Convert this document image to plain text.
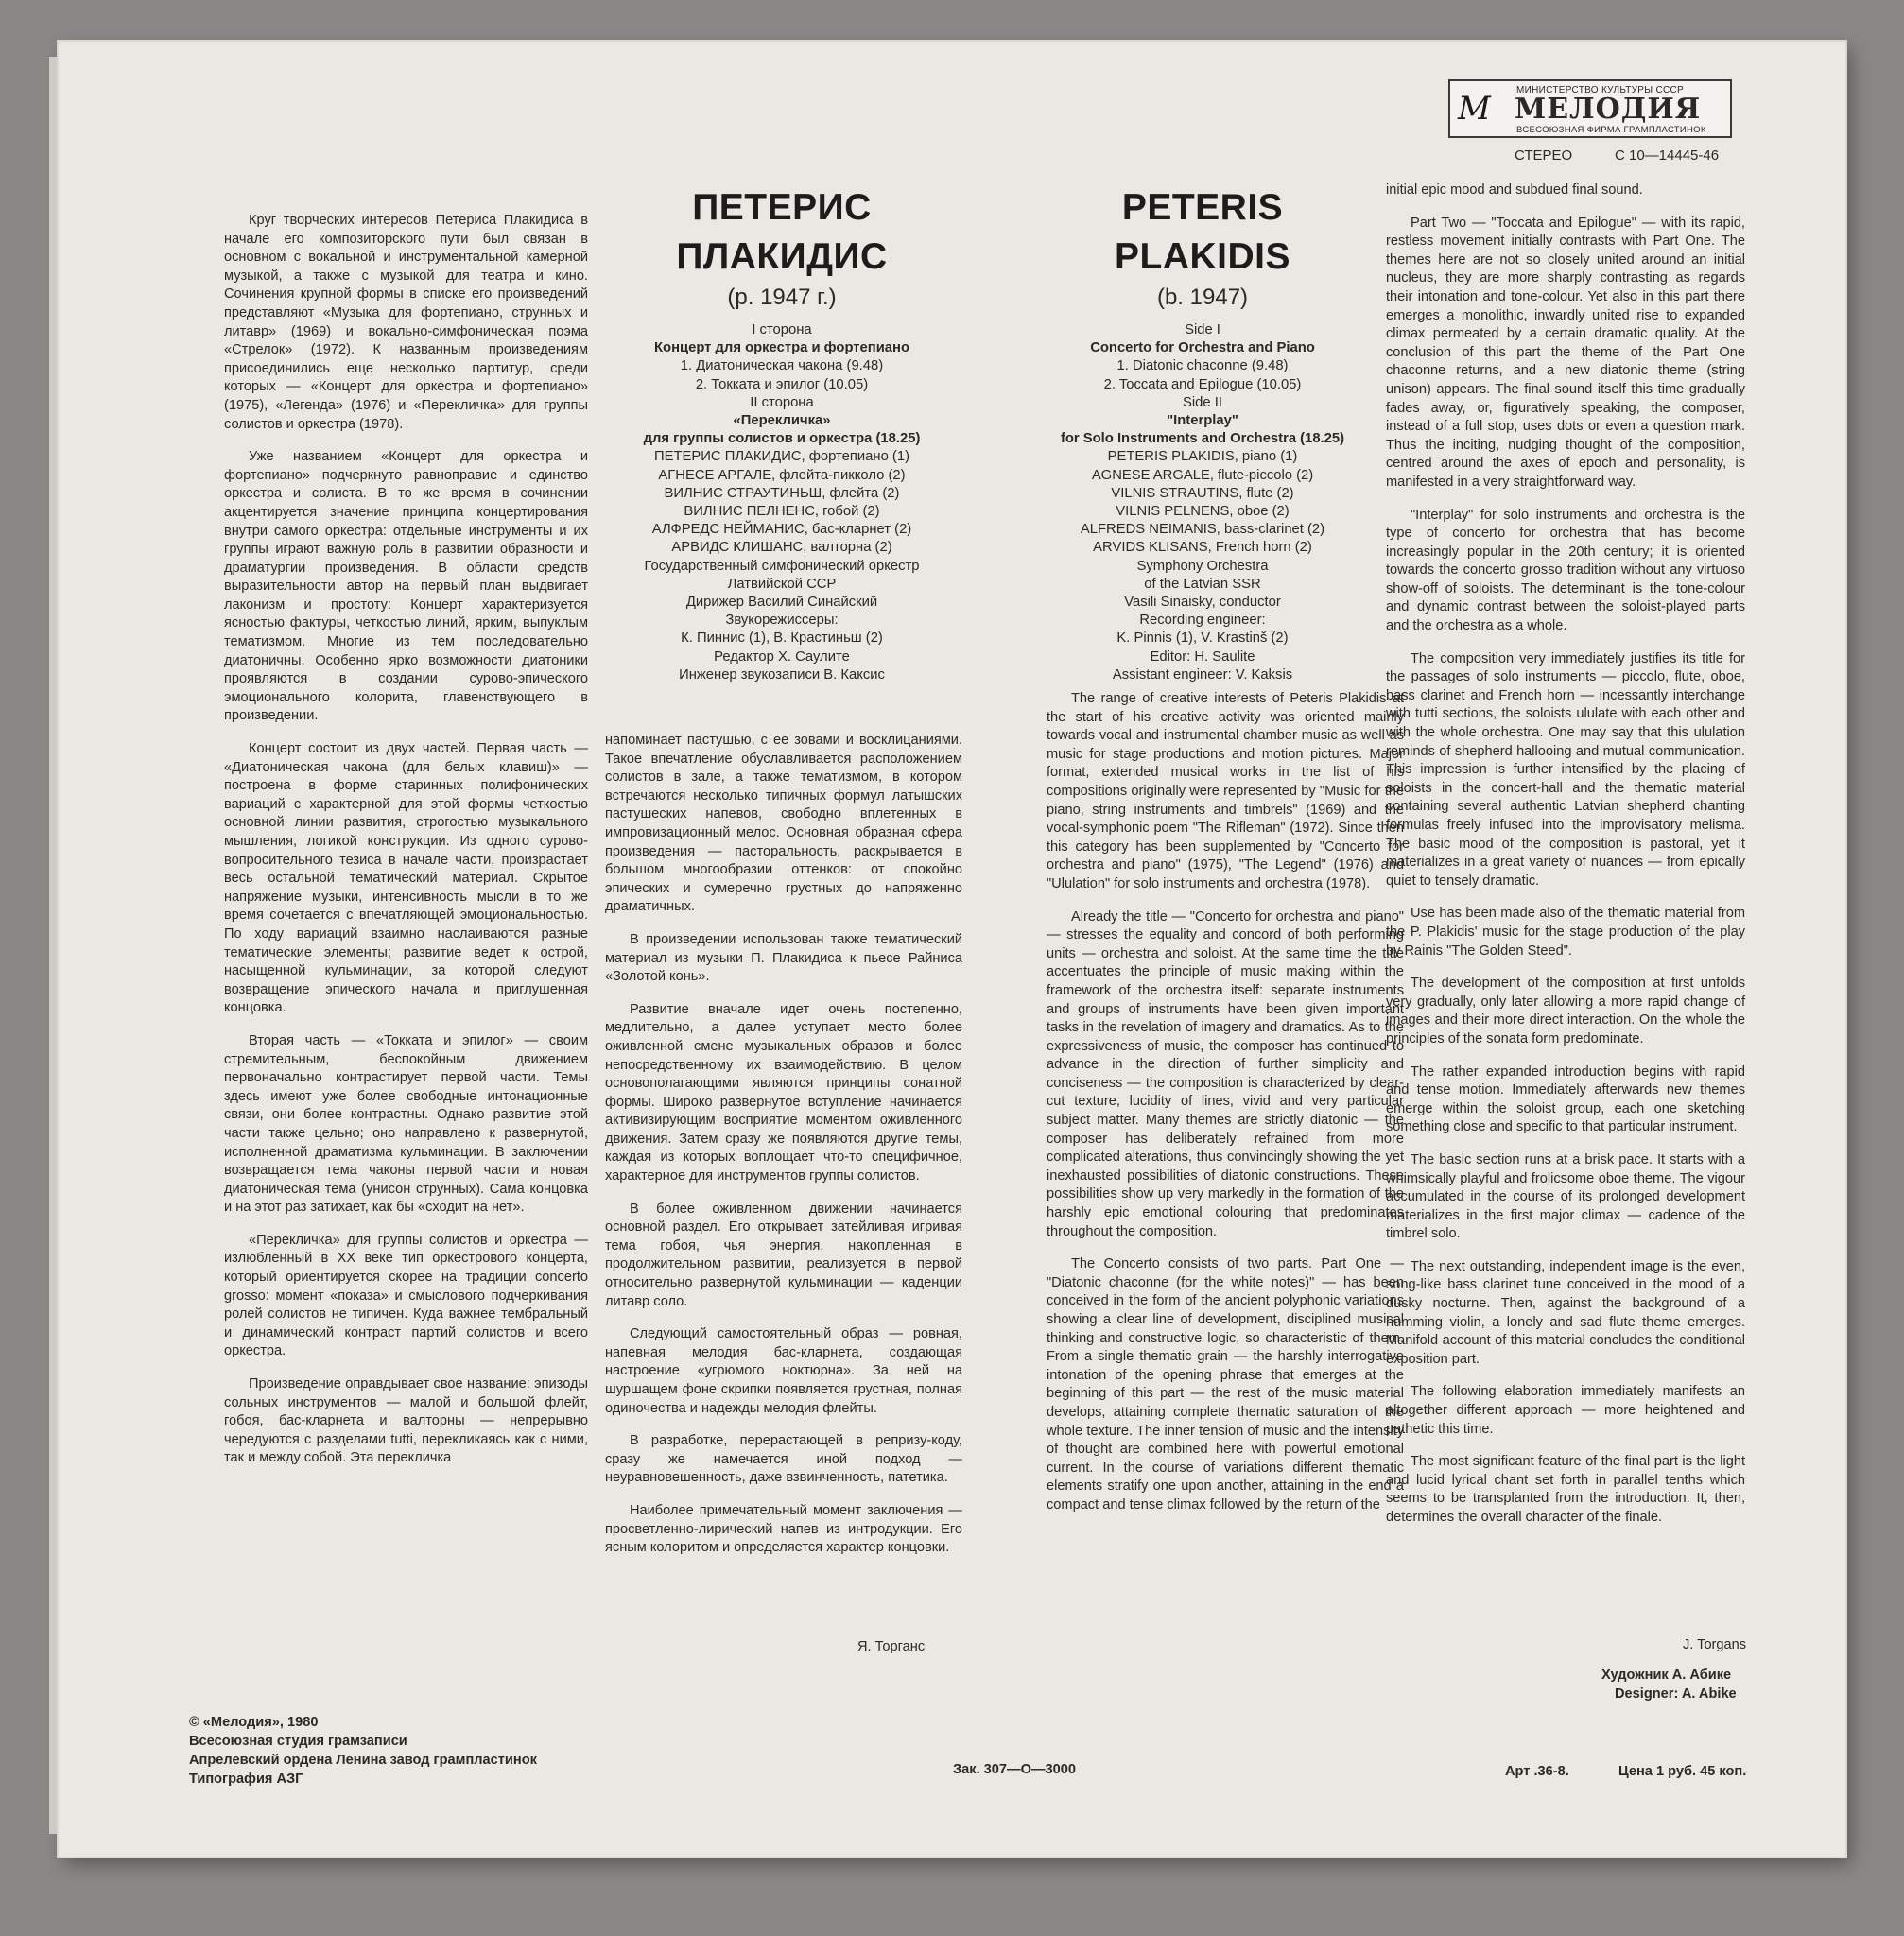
М	МИНИСТЕРСТВО КУЛЬТУРЫ СССР
МЕЛОДИЯ
ВСЕСОЮЗНАЯ ФИРМА ГРАМПЛАСТИНОК
СТЕРЕО	С 10—14445-46

Круг творческих интересов Петериса Плакидиса в начале его композиторского пути был связан в основном с вокальной и инструментальной камерной музыкой, а также с музыкой для театра и кино. Сочинения крупной формы в списке его произведений представляют «Музыка для фортепиано, струнных и литавр» (1969) и вокально-симфоническая поэма «Стрелок» (1972). К названным произведениям присоединились еще несколько партитур, среди которых — «Концерт для оркестра и фортепиано» (1975), «Легенда» (1976) и «Перекличка» для группы солистов и оркестра (1978).

Уже названием «Концерт для оркестра и фортепиано» подчеркнуто равноправие и единство оркестра и солиста. В то же время в сочинении акцентируется значение принципа концертирования внутри самого оркестра: отдельные инструменты и их группы играют важную роль в развитии образности и драматургии произведения. В области средств выразительности автор на первый план выдвигает лаконизм и простоту: Концерт характеризуется ясностью фактуры, четкостью линий, ярким, выпуклым тематизмом. Многие из тем последовательно диатоничны. Особенно ярко возможности диатоники проявляются в создании сурово-эпического эмоционального колорита, главенствующего в произведении.

Концерт состоит из двух частей. Первая часть — «Диатоническая чакона (для белых клавиш)» — построена в форме старинных полифонических вариаций с характерной для этой формы четкостью основной линии развития, строгостью музыкального мышления, логикой конструкции. Из одного сурово-вопросительного тезиса в начале части, произрастает весь остальной тематический материал. Скрытое напряжение музыки, интенсивность мысли в то же время сочетается с впечатляющей эмоциональностью. По ходу вариаций взаимно наслаиваются разные тематические элементы; развитие ведет к острой, насыщенной кульминации, за которой следуют возвращение эпического начала и приглушенная концовка.

Вторая часть — «Токката и эпилог» — своим стремительным, беспокойным движением первоначально контрастирует первой части. Темы здесь имеют уже более свободные интонационные связи, они более контрастны. Однако развитие этой части также цельно; оно направлено к развернутой, исполненной драматизма кульминации. В заключении возвращается тема чаконы первой части и новая диатоническая тема (унисон струнных). Сама концовка и на этот раз затихает, как бы «сходит на нет».

«Перекличка» для группы солистов и оркестра — излюбленный в XX веке тип оркестрового концерта, который ориентируется скорее на традиции concerto grosso: момент «показа» и смыслового подчеркивания ролей солистов не типичен. Куда важнее тембральный и динамический контраст партий солистов и всего оркестра.

Произведение оправдывает свое название: эпизоды сольных инструментов — малой и большой флейт, гобоя, бас-кларнета и валторны — непрерывно чередуются с разделами tutti, перекликаясь как с ними, так и между собой. Эта перекличка

ПЕТЕРИС
ПЛАКИДИС
(р. 1947 г.)
I сторона
Концерт для оркестра и фортепиано
1. Диатоническая чакона (9.48)
2. Токката и эпилог (10.05)
II сторона
«Перекличка»
для группы солистов и оркестра (18.25)
ПЕТЕРИС ПЛАКИДИС, фортепиано (1)
АГНЕСЕ АРГАЛЕ, флейта-пикколо (2)
ВИЛНИС СТРАУТИНЬШ, флейта (2)
ВИЛНИС ПЕЛНЕНС, гобой (2)
АЛФРЕДС НЕЙМАНИС, бас-кларнет (2)
АРВИДС КЛИШАНС, валторна (2)
Государственный симфонический оркестр
Латвийской ССР
Дирижер Василий Синайский
Звукорежиссеры:
К. Пиннис (1), В. Крастиньш (2)
Редактор Х. Саулите
Инженер звукозаписи В. Каксис

напоминает пастушью, с ее зовами и восклицаниями. Такое впечатление обуславливается расположением солистов в зале, а также тематизмом, в котором встречаются несколько типичных формул латышских пастушеских напевов, свободно вплетенных в импровизационный мелос. Основная образная сфера произведения — пасторальность, раскрывается в большом многообразии оттенков: от спокойно эпических и сумеречно грустных до напряженно драматичных.

В произведении использован также тематический материал из музыки П. Плакидиса к пьесе Райниса «Золотой конь».

Развитие вначале идет очень постепенно, медлительно, а далее уступает место более оживленной смене музыкальных образов и более непосредственному их взаимодействию. В целом основополагающими являются принципы сонатной формы. Широко развернутое вступление начинается активизирующим восприятие моментом оживленного движения. Затем сразу же появляются другие темы, каждая из которых воплощает что-то специфичное, характерное для инструментов группы солистов.

В более оживленном движении начинается основной раздел. Его открывает затейливая игривая тема гобоя, чья энергия, накопленная в продолжительном развитии, реализуется в первой относительно развернутой кульминации — каденции литавр соло.

Следующий самостоятельный образ — ровная, напевная мелодия бас-кларнета, создающая настроение «угрюмого ноктюрна». За ней на шуршащем фоне скрипки появляется грустная, полная одиночества и надежды мелодия флейты.

В разработке, перерастающей в репризу-коду, сразу же намечается иной подход — неуравновешенность, даже взвинченность, патетика.

Наиболее примечательный момент заключения — просветленно-лирический напев из интродукции. Его ясным колоритом и определяется характер концовки.

Я. Торганс
PETERIS
PLAKIDIS
(b. 1947)
Side I
Concerto for Orchestra and Piano
1. Diatonic chaconne (9.48)
2. Toccata and Epilogue (10.05)
Side II
"Interplay"
for Solo Instruments and Orchestra (18.25)
PETERIS PLAKIDIS, piano (1)
AGNESE ARGALE, flute-piccolo (2)
VILNIS STRAUTINS, flute (2)
VILNIS PELNENS, oboe (2)
ALFREDS NEIMANIS, bass-clarinet (2)
ARVIDS KLISANS, French horn (2)
Symphony Orchestra
of the Latvian SSR
Vasili Sinaisky, conductor
Recording engineer:
K. Pinnis (1), V. Krastinš (2)
Editor: H. Saulite
Assistant engineer: V. Kaksis

The range of creative interests of Peteris Plakidis at the start of his creative activity was oriented mainly towards vocal and instrumental chamber music as well as music for stage productions and motion pictures. Major format, extended musical works in the list of his compositions originally were represented by "Music for the piano, string instruments and timbrels" (1969) and the vocal-symphonic poem "The Rifleman" (1972). Since then this category has been supplemented by "Concerto for orchestra and piano" (1975), "The Legend" (1976) and "Ululation" for solo instruments and orchestra (1978).

Already the title — "Concerto for orchestra and piano" — stresses the equality and concord of both performing units — orchestra and soloist. At the same time the title accentuates the principle of music making within the framework of the orchestra itself: separate instruments and groups of instruments have been given important tasks in the revelation of imagery and dramatics. As to the expressiveness of music, the composer has continued to advance in the direction of further simplicity and conciseness — the composition is characterized by clear-cut texture, lucidity of lines, vivid and very particular subject matter. Many themes are strictly diatonic — the composer has deliberately refrained from more complicated alterations, thus convincingly showing the yet inexhausted possibilities of diatonic constructions. These possibilities show up very markedly in the formation of the harshly epic emotional colouring that predominates throughout the composition.

The Concerto consists of two parts. Part One — "Diatonic chaconne (for the white notes)" — has been conceived in the form of the ancient polyphonic variations showing a clear line of development, disciplined musical thinking and constructive logic, so characteristic of them. From a single thematic grain — the harshly interrogative intonation of the opening phrase that emerges at the beginning of this part — the rest of the music material develops, attaining complete thematic saturation of the whole texture. The inner tension of music and the intensity of thought are combined here with powerful emotional current. In the course of variations different thematic elements stratify one upon another, attaining in the end a compact and tense climax followed by the return of the

initial epic mood and subdued final sound.

Part Two — "Toccata and Epilogue" — with its rapid, restless movement initially contrasts with Part One. The themes here are not so closely united around an initial nucleus, they are more sharply contrasting as regards their intonation and tone-colour. Yet also in this part there emerges a monolithic, inwardly united rise to expanded climax permeated by a certain dramatic quality. At the conclusion of this part the theme of the Part One chaconne returns, and a new diatonic theme (string unison) appears. The final sound itself this time gradually fades away, or, figuratively speaking, the composer, instead of a full stop, uses dots or even a question mark. Thus the inciting, nudging thought of the composition, centred around the axes of epoch and personality, is manifested in a very straightforward way.

"Interplay" for solo instruments and orchestra is the type of concerto for orchestra that has become increasingly popular in the 20th century; it is oriented towards the concerto grosso tradition without any virtuoso show-off of soloists. The determinant is the tone-colour and dynamic contrast between the soloist-played parts and the orchestra as a whole.

The composition very immediately justifies its title for the passages of solo instruments — piccolo, flute, oboe, bass clarinet and French horn — incessantly interchange with tutti sections, the soloists ululate with each other and with the whole orchestra. One may say that this ululation reminds of shepherd hallooing and mutual communication. This impression is further intensified by the placing of soloists in the concert-hall and the thematic material containing several authentic Latvian shepherd chanting formulas freely infused into the improvisatory melisma. The basic mood of the composition is pastoral, yet it materializes in a great variety of nuances — from epically quiet to tensely dramatic.

Use has been made also of the thematic material from the P. Plakidis' music for the stage production of the play by Rainis "The Golden Steed".

The development of the composition at first unfolds very gradually, only later allowing a more rapid change of images and their more direct interaction. On the whole the principles of the sonata form predominate.

The rather expanded introduction begins with rapid and tense motion. Immediately afterwards new themes emerge within the soloist group, each one sketching something close and specific to that particular instrument.

The basic section runs at a brisk pace. It starts with a whimsically playful and frolicsome oboe theme. The vigour accumulated in the course of its prolonged development materializes in the first major climax — cadence of the timbrel solo.

The next outstanding, independent image is the even, song-like bass clarinet tune conceived in the mood of a dusky nocturne. Then, against the background of a humming violin, a lonely and sad flute theme emerges. Manifold account of this material concludes the conditional exposition part.

The following elaboration immediately manifests an altogether different approach — more heightened and pathetic this time.

The most significant feature of the final part is the light and lucid lyrical chant set forth in parallel tenths which seems to be transplanted from the introduction. It, then, determines the overall character of the finale.

J. Torgans
Художник А. Абике
Designer: A. Abike
© «Мелодия», 1980
Всесоюзная студия грамзаписи
Апрелевский ордена Ленина завод грампластинок
Типография АЗГ
Зак. 307—О—3000	Арт .36-8.	Цена 1 руб. 45 коп.
